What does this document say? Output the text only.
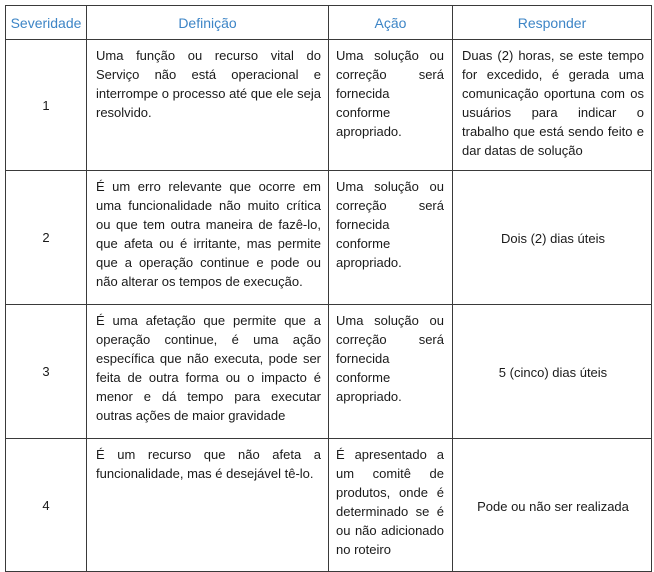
Severidade	Definição	Ação	Responder
1	Uma função ou recurso vital do Serviço não está operacional e interrompe o processo até que ele seja resolvido.	Uma solução ou correção será fornecida conforme apropriado.	Duas (2) horas, se este tempo for excedido, é gerada uma comunicação oportuna com os usuários para indicar o trabalho que está sendo feito e dar datas de solução
2	É um erro relevante que ocorre em uma funcionalidade não muito crítica ou que tem outra maneira de fazê-lo, que afeta ou é irritante, mas permite que a operação continue e pode ou não alterar os tempos de execução.	Uma solução ou correção será fornecida conforme apropriado.	Dois (2) dias úteis
3	É uma afetação que permite que a operação continue, é uma ação específica que não executa, pode ser feita de outra forma ou o impacto é menor e dá tempo para executar outras ações de maior gravidade	Uma solução ou correção será fornecida conforme apropriado.	5 (cinco) dias úteis
4	É um recurso que não afeta a funcionalidade, mas é desejável tê-lo.	É apresentado a um comitê de produtos, onde é determinado se é ou não adicionado no roteiro	Pode ou não ser realizada
